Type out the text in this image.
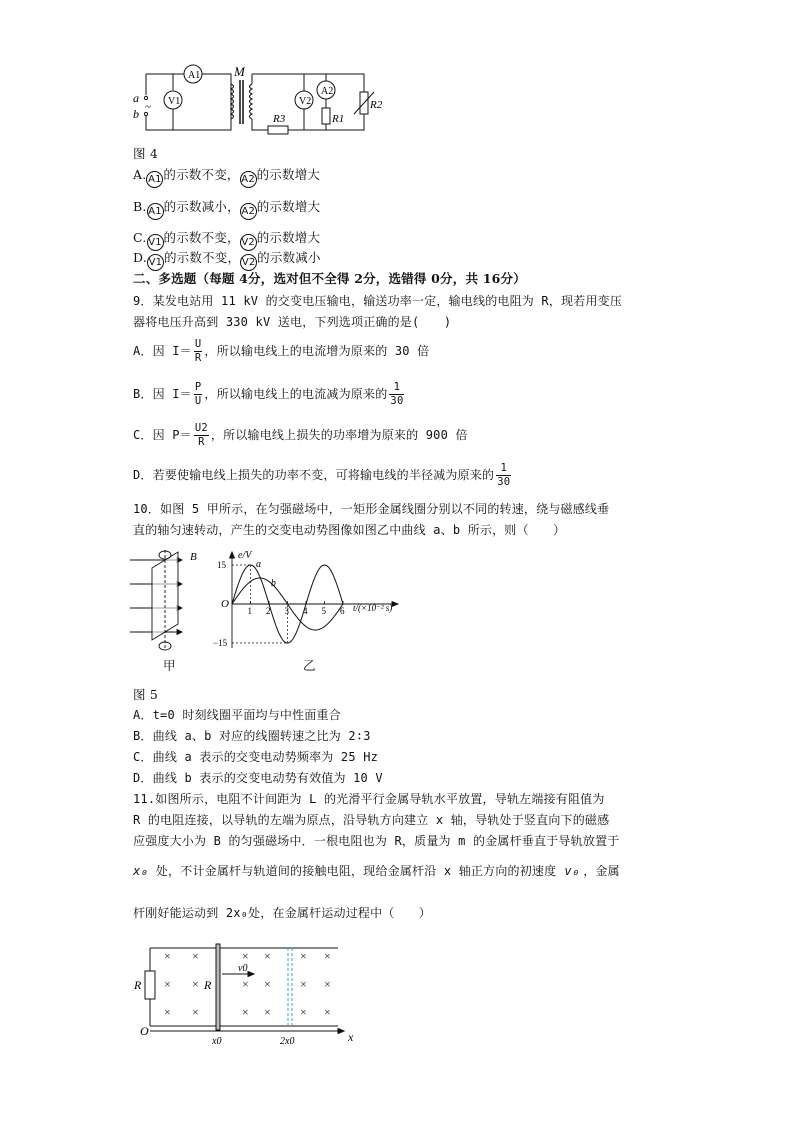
a
b ~
M
A1
V1	V2
A2
R1
R2
R3
图 4
A. A1 的示数不变， A2 的示数增大
B. A1 的示数减小， A2 的示数增大
C. V1 的示数不变， V2 的示数增大
D. V1 的示数不变， V2 的示数减小
二、多选题（每题 4分，选对但不全得 2分，选错得 0分，共 16分）
9．某发电站用 11 kV 的交变电压输电，输送功率一定，输电线的电阻为 R，现若用变压
器将电压升高到 330 kV 送电，下列选项正确的是(　　)
A．因 $I= \frac{U}{R}$ ，所以输电线上的电流增为原来的 30 倍
B．因 $I= \frac{P}{U}$ ，所以输电线上的电流减为原来的 $\frac{1}{30}$
C．因 $P= \frac{U2}{R}$ ，所以输电线上损失的功率增为原来的 900 倍
D．若要使输电线上损失的功率不变，可将输电线的半径减为原来的 $\frac{1}{30}$
10．如图 5 甲所示，在匀强磁场中，一矩形金属线圈分别以不同的转速，绕与磁感线垂
直的轴匀速转动，产生的交变电动势图像如图乙中曲线 a、b 所示，则（　　）
B	e/V
t/(×10⁻² s)
O
1 2 3 4 5 6
15
−15
a
b
甲	乙
图 5
A．t=0 时刻线圈平面均与中性面重合
B．曲线 a、b 对应的线圈转速之比为 2∶3
C．曲线 a 表示的交变电动势频率为 25 Hz
D．曲线 b 表示的交变电动势有效值为 10 V
11.如图所示，电阻不计间距为 L 的光滑平行金属导轨水平放置，导轨左端接有阻值为
R 的电阻连接，以导轨的左端为原点，沿导轨方向建立 x 轴，导轨处于竖直向下的磁感
应强度大小为 B 的匀强磁场中．一根电阻也为 R，质量为 m 的金属杆垂直于导轨放置于
x₀ 处，不计金属杆与轨道间的接触电阻，现给金属杆沿 x 轴正方向的初速度 v₀ ，金属
杆刚好能运动到 2x₀处，在金属杆运动过程中（　　）
× ×	× × × ×
× ×	× × × ×
× ×	× × × ×
R	R
v0
O
x0	2x0	x
